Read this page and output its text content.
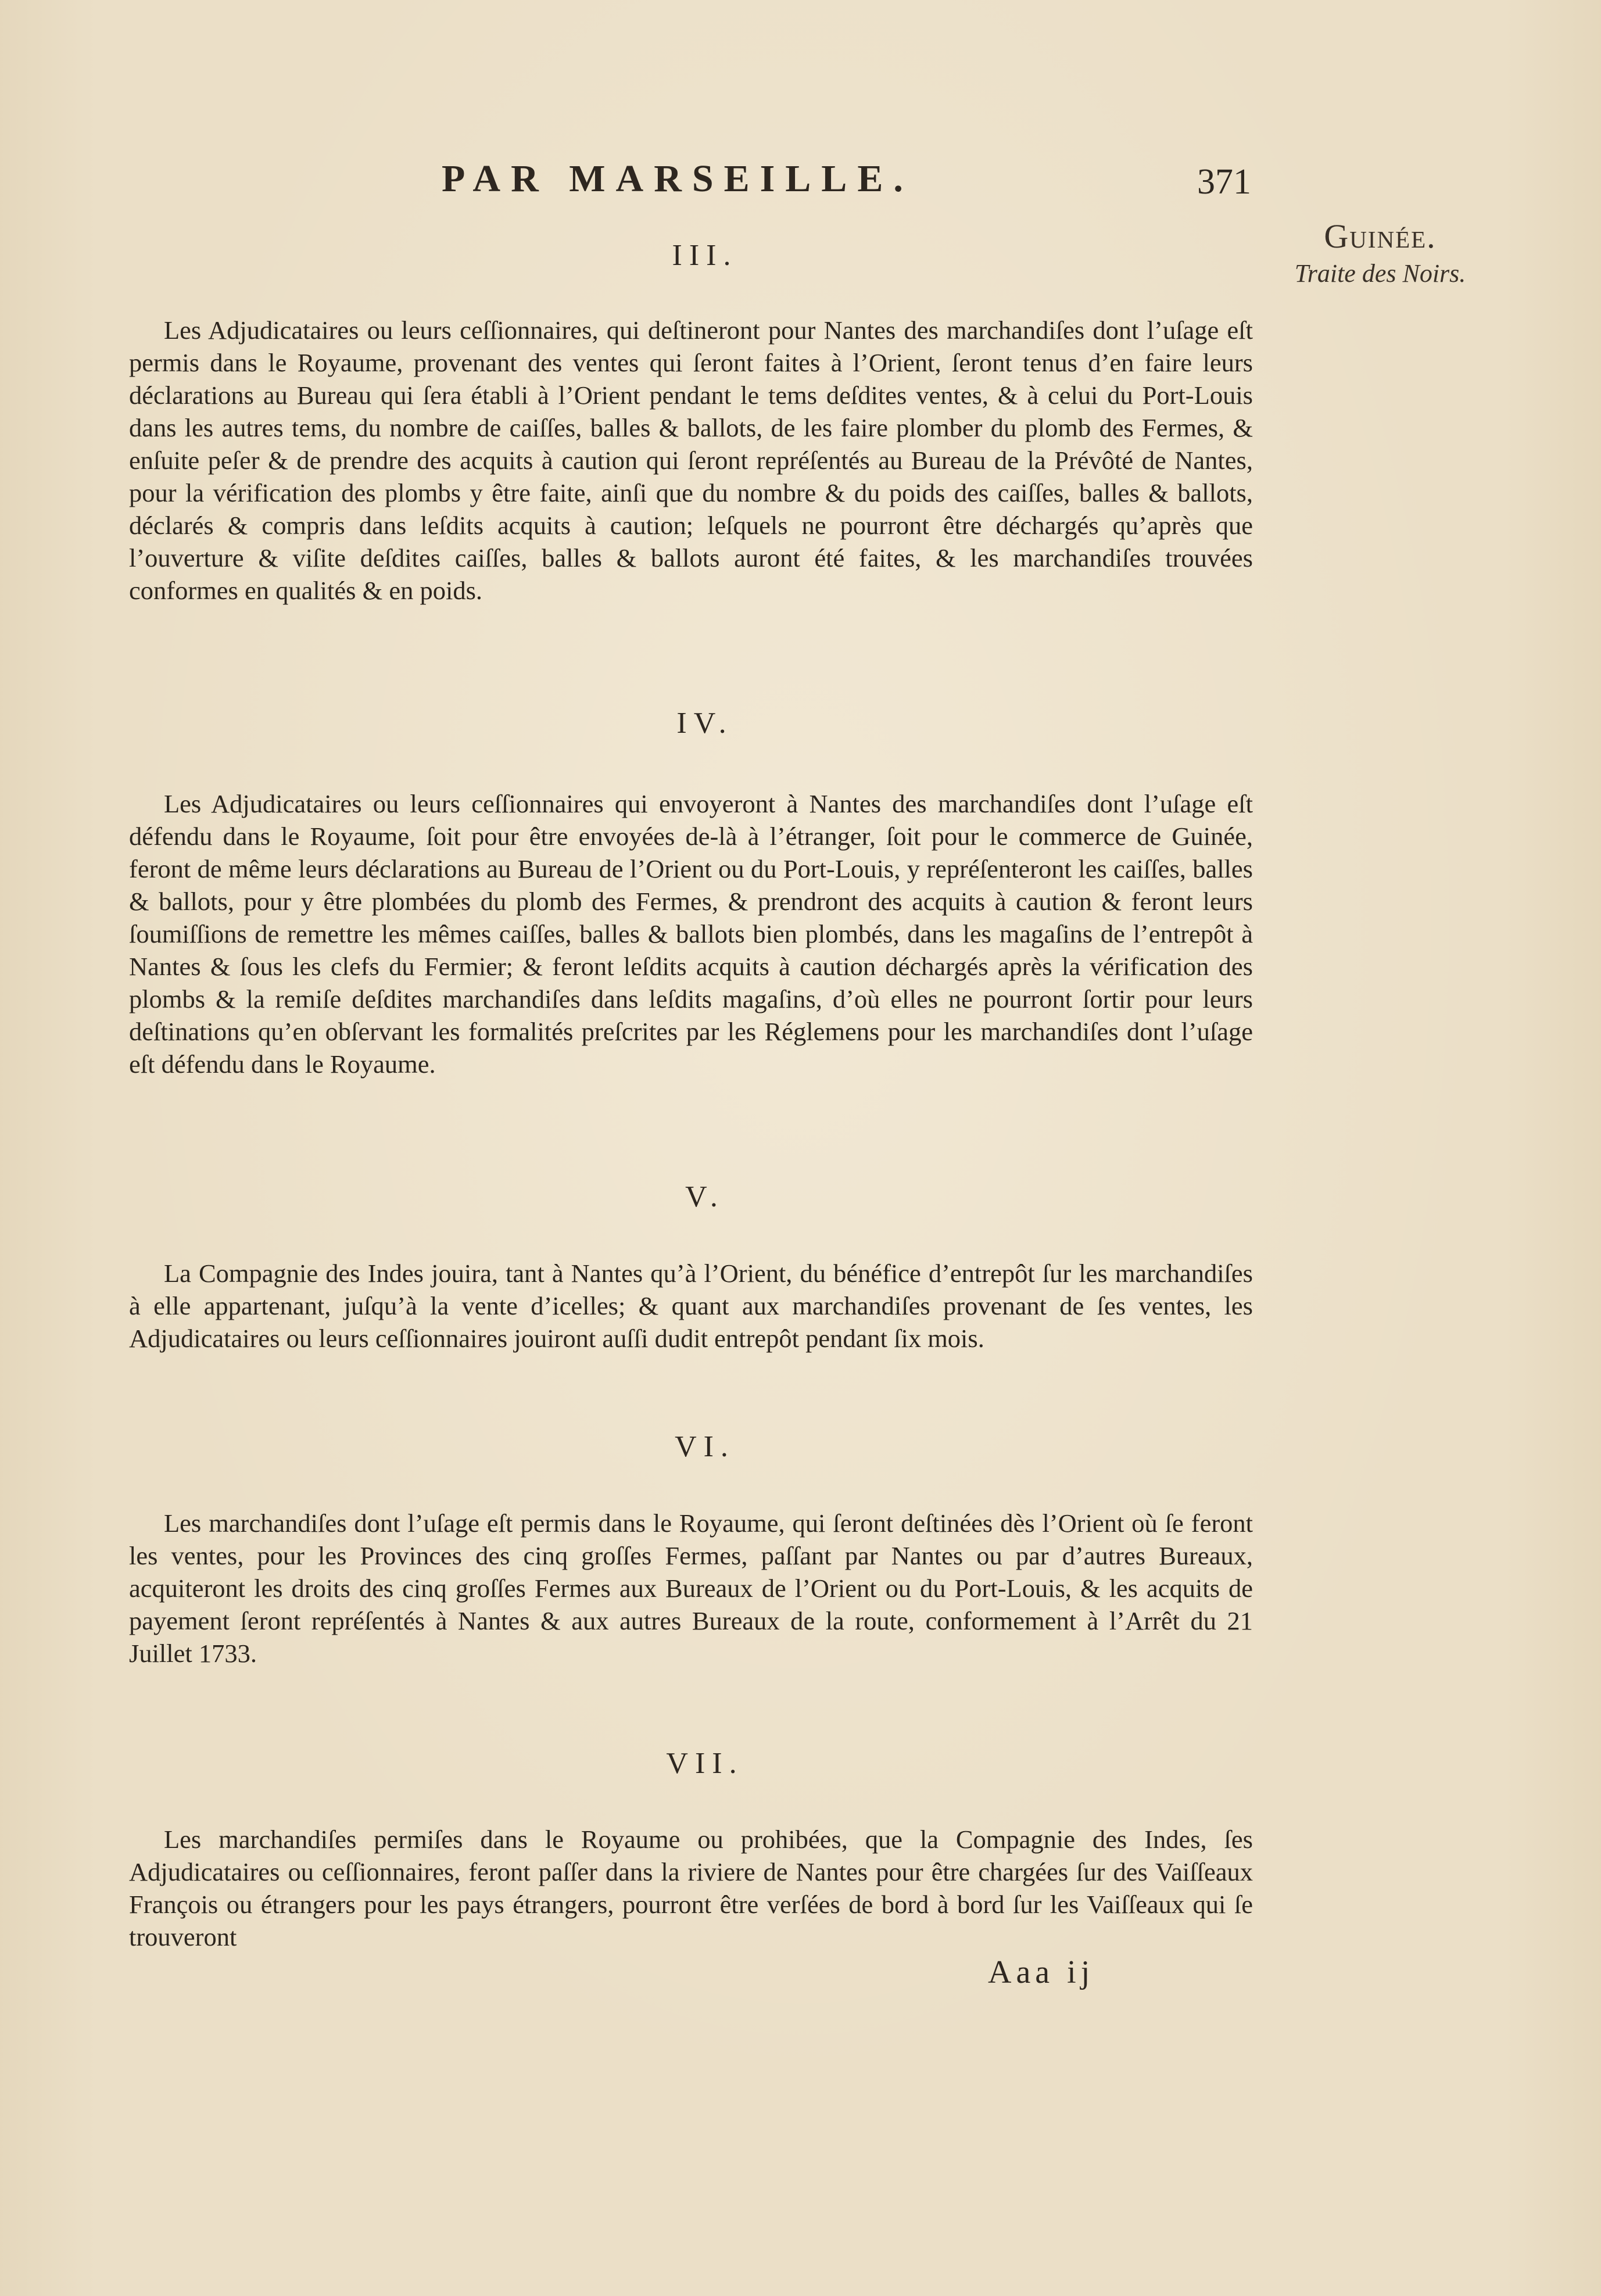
PAR MARSEILLE.	371
Guinée.
Traite des Noirs.
III.

Les Adjudicataires ou leurs ceſſionnaires, qui deſtineront pour Nantes des marchandiſes dont l’uſage eſt permis dans le Royaume, provenant des ventes qui ſeront faites à l’Orient, ſeront tenus d’en faire leurs déclarations au Bureau qui ſera établi à l’Orient pendant le tems deſdites ventes, & à celui du Port-Louis dans les autres tems, du nombre de caiſſes, balles & ballots, de les faire plomber du plomb des Fermes, & enſuite peſer & de prendre des acquits à caution qui ſeront repréſentés au Bureau de la Prévôté de Nantes, pour la vérification des plombs y être faite, ainſi que du nombre & du poids des caiſſes, balles & ballots, déclarés & compris dans leſdits acquits à caution; leſquels ne pourront être déchargés qu’après que l’ouverture & viſite deſdites caiſſes, balles & ballots auront été faites, & les marchandiſes trouvées conformes en qualités & en poids.

IV.

Les Adjudicataires ou leurs ceſſionnaires qui envoyeront à Nantes des marchandiſes dont l’uſage eſt défendu dans le Royaume, ſoit pour être envoyées de-là à l’étranger, ſoit pour le commerce de Guinée, feront de même leurs déclarations au Bureau de l’Orient ou du Port-Louis, y repréſenteront les caiſſes, balles & ballots, pour y être plombées du plomb des Fermes, & prendront des acquits à caution & feront leurs ſoumiſſions de remettre les mêmes caiſſes, balles & ballots bien plombés, dans les magaſins de l’entrepôt à Nantes & ſous les clefs du Fermier; & feront leſdits acquits à caution déchargés après la vérification des plombs & la remiſe deſdites marchandiſes dans leſdits magaſins, d’où elles ne pourront ſortir pour leurs deſtinations qu’en obſervant les formalités preſcrites par les Réglemens pour les marchandiſes dont l’uſage eſt défendu dans le Royaume.

V.

La Compagnie des Indes jouira, tant à Nantes qu’à l’Orient, du bénéfice d’entrepôt ſur les marchandiſes à elle appartenant, juſqu’à la vente d’icelles; & quant aux marchandiſes provenant de ſes ventes, les Adjudicataires ou leurs ceſſionnaires jouiront auſſi dudit entrepôt pendant ſix mois.

VI.

Les marchandiſes dont l’uſage eſt permis dans le Royaume, qui ſeront deſtinées dès l’Orient où ſe feront les ventes, pour les Provinces des cinq groſſes Fermes, paſſant par Nantes ou par d’autres Bureaux, acquiteront les droits des cinq groſſes Fermes aux Bureaux de l’Orient ou du Port-Louis, & les acquits de payement ſeront repréſentés à Nantes & aux autres Bureaux de la route, conformement à l’Arrêt du 21 Juillet 1733.

VII.

Les marchandiſes permiſes dans le Royaume ou prohibées, que la Compagnie des Indes, ſes Adjudicataires ou ceſſionnaires, feront paſſer dans la riviere de Nantes pour être chargées ſur des Vaiſſeaux François ou étrangers pour les pays étrangers, pourront être verſées de bord à bord ſur les Vaiſſeaux qui ſe trouveront

Aaa ij
